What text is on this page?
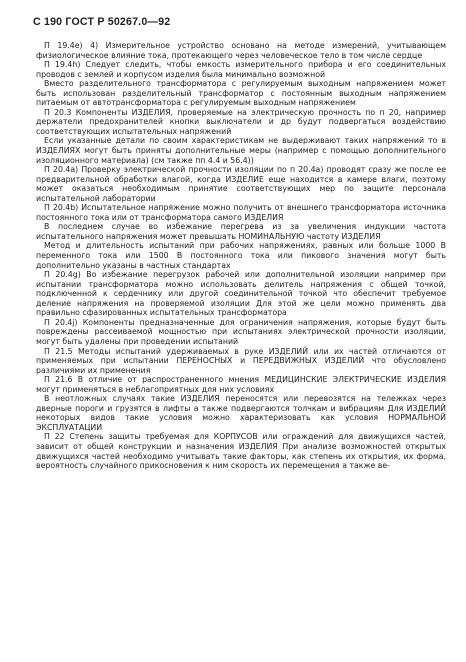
С 190 ГОСТ Р 50267.0—92

П 19.4e) 4) Измерительное устройство основано на методе измерений, учитывающем физиологическое влияние тока, протекающего через человеческое тело в том числе сердце

П 19.4h) Следует следить, чтобы емкость измерительного прибора и его соединительных проводов с землей и корпусом изделия была минимально возможной

Вместо разделительного трансформатора с регулируемым выходным напряжением может быть использован разделительный трансформатор с постоянным выходным напряжением питаемым от автотрансформатора с регулируемым выходным напряжением

П 20.3 Компоненты ИЗДЕЛИЯ, проверяемые на электрическую прочность по п 20, например держатели предохранителей кнопки выключатели и др будут подвергаться воздействию соответствующих испытательных напряжений

Если указанные детали по своим характеристикам не выдерживают таких напряжений то в ИЗДЕЛИЯХ могут быть приняты дополнительные меры (например с помощью дополнительного изоляционного материала) (см также пп 4.4 и 56.4))

П 20.4a) Проверку электрической прочности изоляции по п 20.4a) проводят сразу же после ее предварительной обработки влагой, когда ИЗДЕЛИЕ еще находится в камере влаги, поэтому может оказаться необходимым принятие соответствующих мер по защите персонала испытательной лаборатории

П 20.4b) Испытательное напряжение можно получить от внешнего трансформатора источника постоянного тока или от трансформатора самого ИЗДЕЛИЯ

В последнем случае во избежание перегрева из за увеличения индукции частота испытательного напряжения может превышать НОМИНАЛЬНУЮ частоту ИЗДЕЛИЯ

Метод и длительность испытаний при рабочих напряжениях, равных или больше 1000 В переменного тока или 1500 В постоянного тока или пикового значения могут быть дополнительно указаны в частных стандартах

П 20.4g) Во избежание перегрузок рабочей или дополнительной изоляции например при испытании трансформатора можно использовать делитель напряжения с общей точкой, подключенной к сердечнику или другой соединительной точкой что обеспечит требуемое деление напряжения на проверяемой изоляции Для этой же цели можно применять два правильно сфазированных испытательных трансформатора

П 20.4j) Компоненты предназначенные для ограничения напряжения, которые будут быть повреждены рассеиваемой мощностью при испытаниях электрической прочности изоляции, могут быть удалены при проведении испытаний

П 21.5 Методы испытаний удерживаемых в руке ИЗДЕЛИЙ или их частей отличаются от применяемых при испытании ПЕРЕНОСНЫХ и ПЕРЕДВИЖНЫХ ИЗДЕЛИЙ что обусловлено различиями их применения

П 21.6 В отличие от распространенного мнения МЕДИЦИНСКИЕ ЭЛЕКТРИЧЕСКИЕ ИЗДЕЛИЯ могут применяться в неблагоприятных для них условиях

В неотложных случаях такие ИЗДЕЛИЯ переносятся или перевозятся на тележках через дверные пороги и грузятся в лифты а также подвергаются толчкам и вибрациям Для ИЗДЕЛИЙ некоторых видов такие условия можно характеризовать как условия НОРМАЛЬНОЙ ЭКСПЛУАТАЦИИ

П 22 Степень защиты требуемая для КОРПУСОВ или ограждений для движущихся частей, зависит от общей конструкции и назначения ИЗДЕЛИЯ При анализе возможностей открытых движущихся частей необходимо учитывать такие факторы, как степень их открытия, их форма, вероятность случайного прикосновения к ним скорость их перемещения а также ве-
